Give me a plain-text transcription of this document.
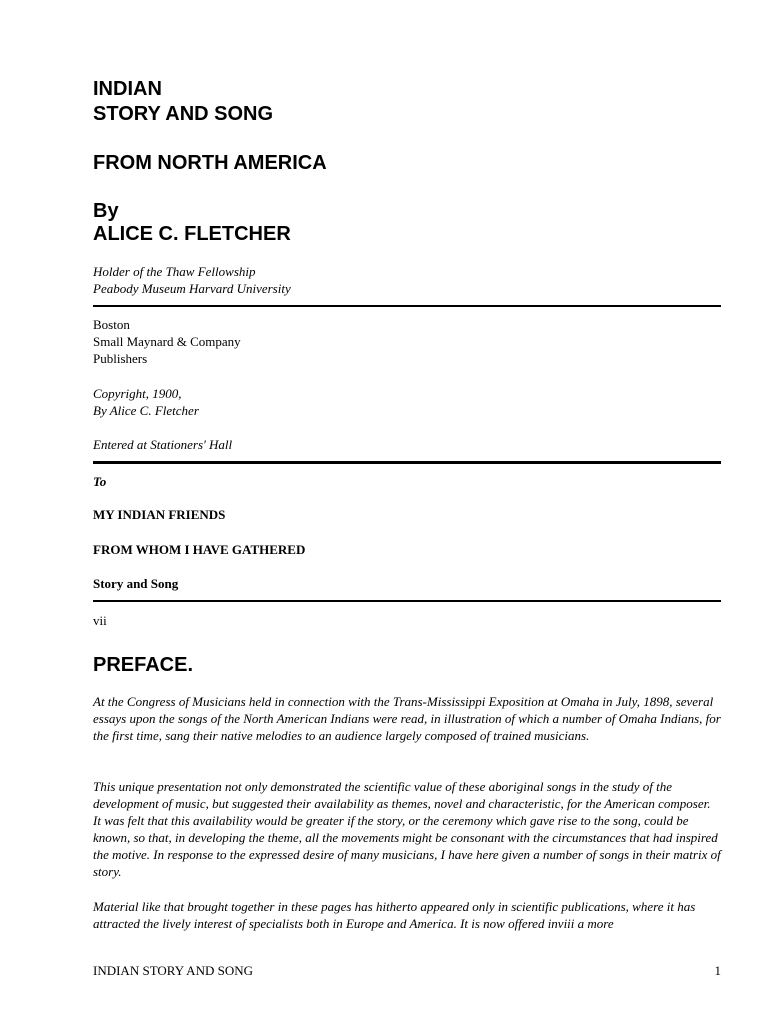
INDIAN
STORY AND SONG
FROM NORTH AMERICA
By
ALICE C. FLETCHER
Holder of the Thaw Fellowship
Peabody Museum Harvard University
Boston
Small Maynard & Company
Publishers
Copyright, 1900,
By Alice C. Fletcher
Entered at Stationers' Hall
To
MY INDIAN FRIENDS
FROM WHOM I HAVE GATHERED
Story and Song
vii
PREFACE.
At the Congress of Musicians held in connection with the Trans-Mississippi Exposition at Omaha in July, 1898, several essays upon the songs of the North American Indians were read, in illustration of which a number of Omaha Indians, for the first time, sang their native melodies to an audience largely composed of trained musicians.
This unique presentation not only demonstrated the scientific value of these aboriginal songs in the study of the development of music, but suggested their availability as themes, novel and characteristic, for the American composer. It was felt that this availability would be greater if the story, or the ceremony which gave rise to the song, could be known, so that, in developing the theme, all the movements might be consonant with the circumstances that had inspired the motive. In response to the expressed desire of many musicians, I have here given a number of songs in their matrix of story.
Material like that brought together in these pages has hitherto appeared only in scientific publications, where it has attracted the lively interest of specialists both in Europe and America. It is now offered inviii a more
INDIAN STORY AND SONG	1
